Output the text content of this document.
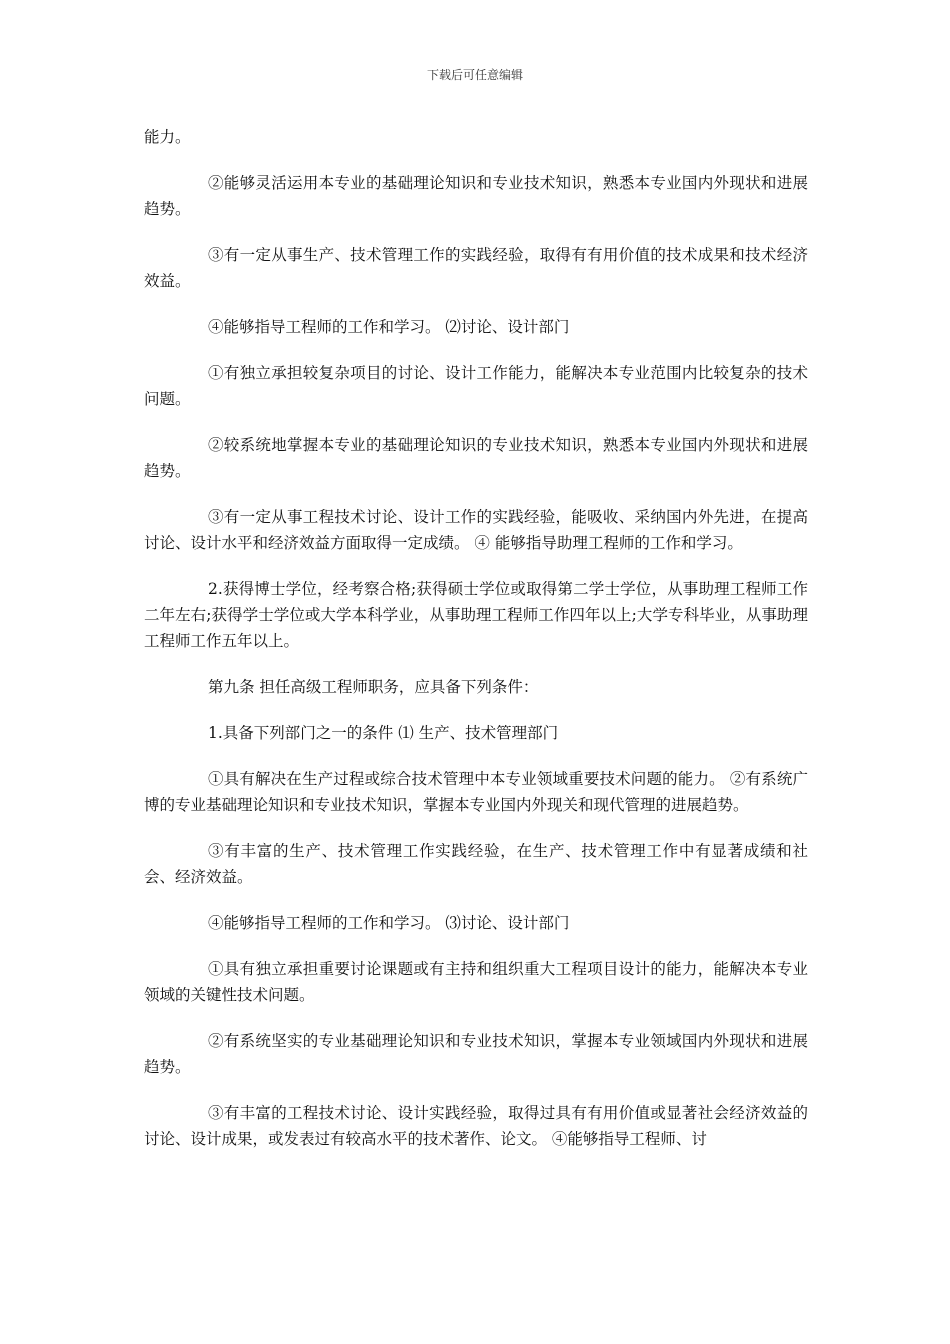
下载后可任意编辑

能力。

②能够灵活运用本专业的基础理论知识和专业技术知识，熟悉本专业国内外现状和进展趋势。

③有一定从事生产、技术管理工作的实践经验，取得有有用价值的技术成果和技术经济效益。

④能够指导工程师的工作和学习。 ⑵讨论、设计部门

①有独立承担较复杂项目的讨论、设计工作能力，能解决本专业范围内比较复杂的技术问题。

②较系统地掌握本专业的基础理论知识的专业技术知识，熟悉本专业国内外现状和进展趋势。

③有一定从事工程技术讨论、设计工作的实践经验，能吸收、采纳国内外先进，在提高讨论、设计水平和经济效益方面取得一定成绩。 ④ 能够指导助理工程师的工作和学习。

2.获得博士学位，经考察合格;获得硕士学位或取得第二学士学位，从事助理工程师工作二年左右;获得学士学位或大学本科学业，从事助理工程师工作四年以上;大学专科毕业，从事助理工程师工作五年以上。

第九条 担任高级工程师职务，应具备下列条件：

1.具备下列部门之一的条件 ⑴ 生产、技术管理部门

①具有解决在生产过程或综合技术管理中本专业领域重要技术问题的能力。 ②有系统广博的专业基础理论知识和专业技术知识，掌握本专业国内外现关和现代管理的进展趋势。

③有丰富的生产、技术管理工作实践经验，在生产、技术管理工作中有显著成绩和社会、经济效益。

④能够指导工程师的工作和学习。 ⑶讨论、设计部门

①具有独立承担重要讨论课题或有主持和组织重大工程项目设计的能力，能解决本专业领域的关键性技术问题。

②有系统坚实的专业基础理论知识和专业技术知识，掌握本专业领域国内外现状和进展趋势。

③有丰富的工程技术讨论、设计实践经验，取得过具有有用价值或显著社会经济效益的讨论、设计成果，或发表过有较高水平的技术著作、论文。 ④能够指导工程师、讨
